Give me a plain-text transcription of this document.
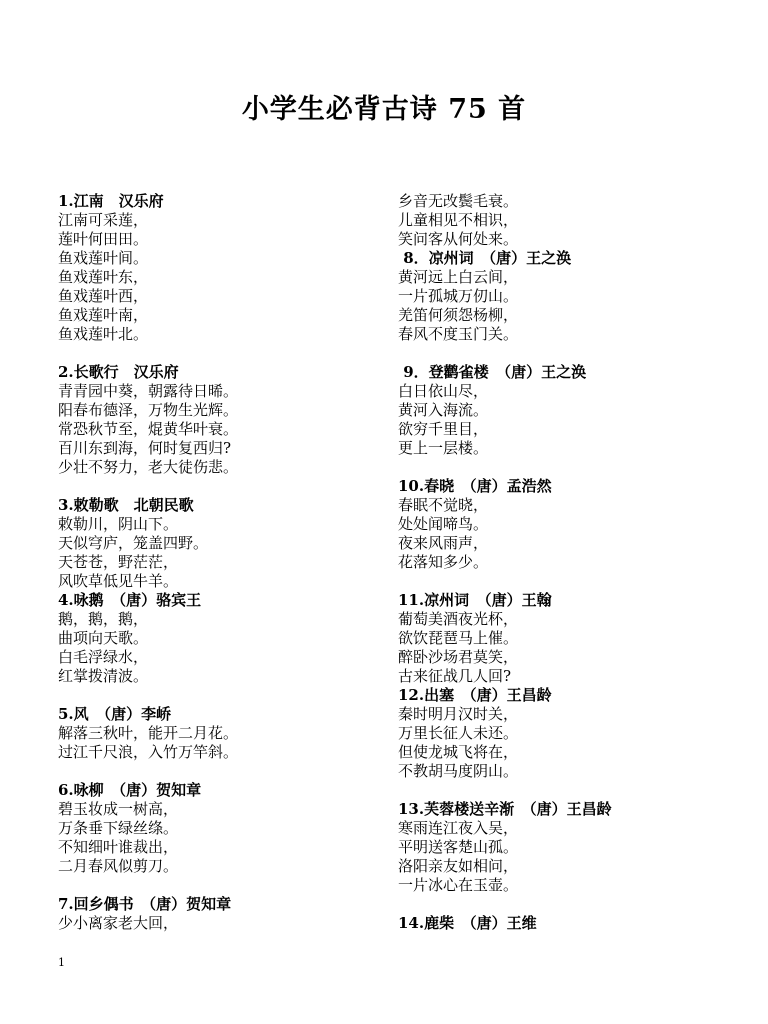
小学生必背古诗 75 首
1.江南　汉乐府
江南可采莲，
莲叶何田田。
鱼戏莲叶间。
鱼戏莲叶东，
鱼戏莲叶西，
鱼戏莲叶南，
鱼戏莲叶北。
2.长歌行　汉乐府
青青园中葵，朝露待日晞。
阳春布德泽，万物生光辉。
常恐秋节至，焜黄华叶衰。
百川东到海，何时复西归?
少壮不努力，老大徒伤悲。
3.敕勒歌　北朝民歌
敕勒川，阴山下。
天似穹庐，笼盖四野。
天苍苍，野茫茫，
风吹草低见牛羊。
4.咏鹅　（唐）骆宾王
鹅，鹅，鹅，
曲项向天歌。
白毛浮绿水，
红掌拨清波。
5.风　（唐）李峤
解落三秋叶，能开二月花。
过江千尺浪，入竹万竿斜。
6.咏柳　（唐）贺知章
碧玉妆成一树高，
万条垂下绿丝绦。
不知细叶谁裁出，
二月春风似剪刀。
7.回乡偶书　（唐）贺知章
少小离家老大回，
乡音无改鬓毛衰。
儿童相见不相识，
笑问客从何处来。
8．凉州词　（唐）王之涣
黄河远上白云间，
一片孤城万仞山。
羌笛何须怨杨柳，
春风不度玉门关。
9．登鹳雀楼　（唐）王之涣
白日依山尽，
黄河入海流。
欲穷千里目，
更上一层楼。
10.春晓　（唐）孟浩然
春眠不觉晓，
处处闻啼鸟。
夜来风雨声，
花落知多少。
11.凉州词　（唐）王翰
葡萄美酒夜光杯，
欲饮琵琶马上催。
醉卧沙场君莫笑，
古来征战几人回?
12.出塞　（唐）王昌龄
秦时明月汉时关，
万里长征人未还。
但使龙城飞将在，
不教胡马度阴山。
13.芙蓉楼送辛渐　（唐）王昌龄
寒雨连江夜入吴，
平明送客楚山孤。
洛阳亲友如相问，
一片冰心在玉壶。
14.鹿柴　（唐）王维
1
